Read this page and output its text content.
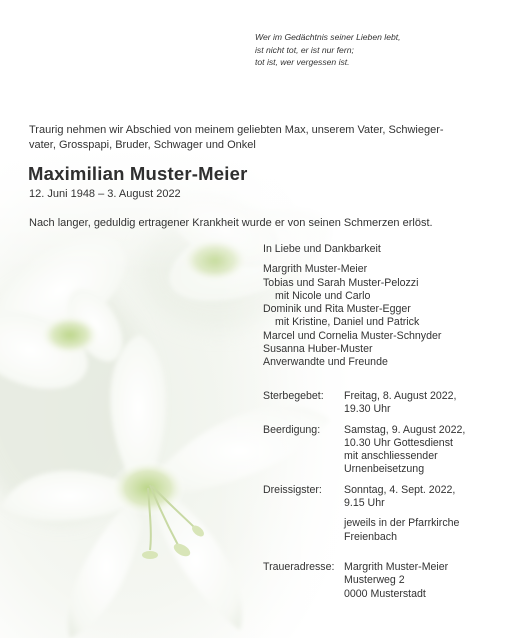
Wer im Gedächtnis seiner Lieben lebt,
ist nicht tot, er ist nur fern;
tot ist, wer vergessen ist.
Traurig nehmen wir Abschied von meinem geliebten Max, unserem Vater, Schwieger-
vater, Grosspapi, Bruder, Schwager und Onkel
Maximilian Muster-Meier
12. Juni 1948 – 3. August 2022
Nach langer, geduldig ertragener Krankheit wurde er von seinen Schmerzen erlöst.
In Liebe und Dankbarkeit
Margrith Muster-Meier
Tobias und Sarah Muster-Pelozzi
mit Nicole und Carlo
Dominik und Rita Muster-Egger
mit Kristine, Daniel und Patrick
Marcel und Cornelia Muster-Schnyder
Susanna Huber-Muster
Anverwandte und Freunde
Sterbegebet:	Freitag, 8. August 2022,
19.30 Uhr
Beerdigung:	Samstag, 9. August 2022,
10.30 Uhr Gottesdienst
mit anschliessender
Urnenbeisetzung
Dreissigster:	Sonntag, 4. Sept. 2022,
9.15 Uhr
jeweils in der Pfarrkirche
Freienbach
Traueradresse: Margrith Muster-Meier
Musterweg 2
0000 Musterstadt
